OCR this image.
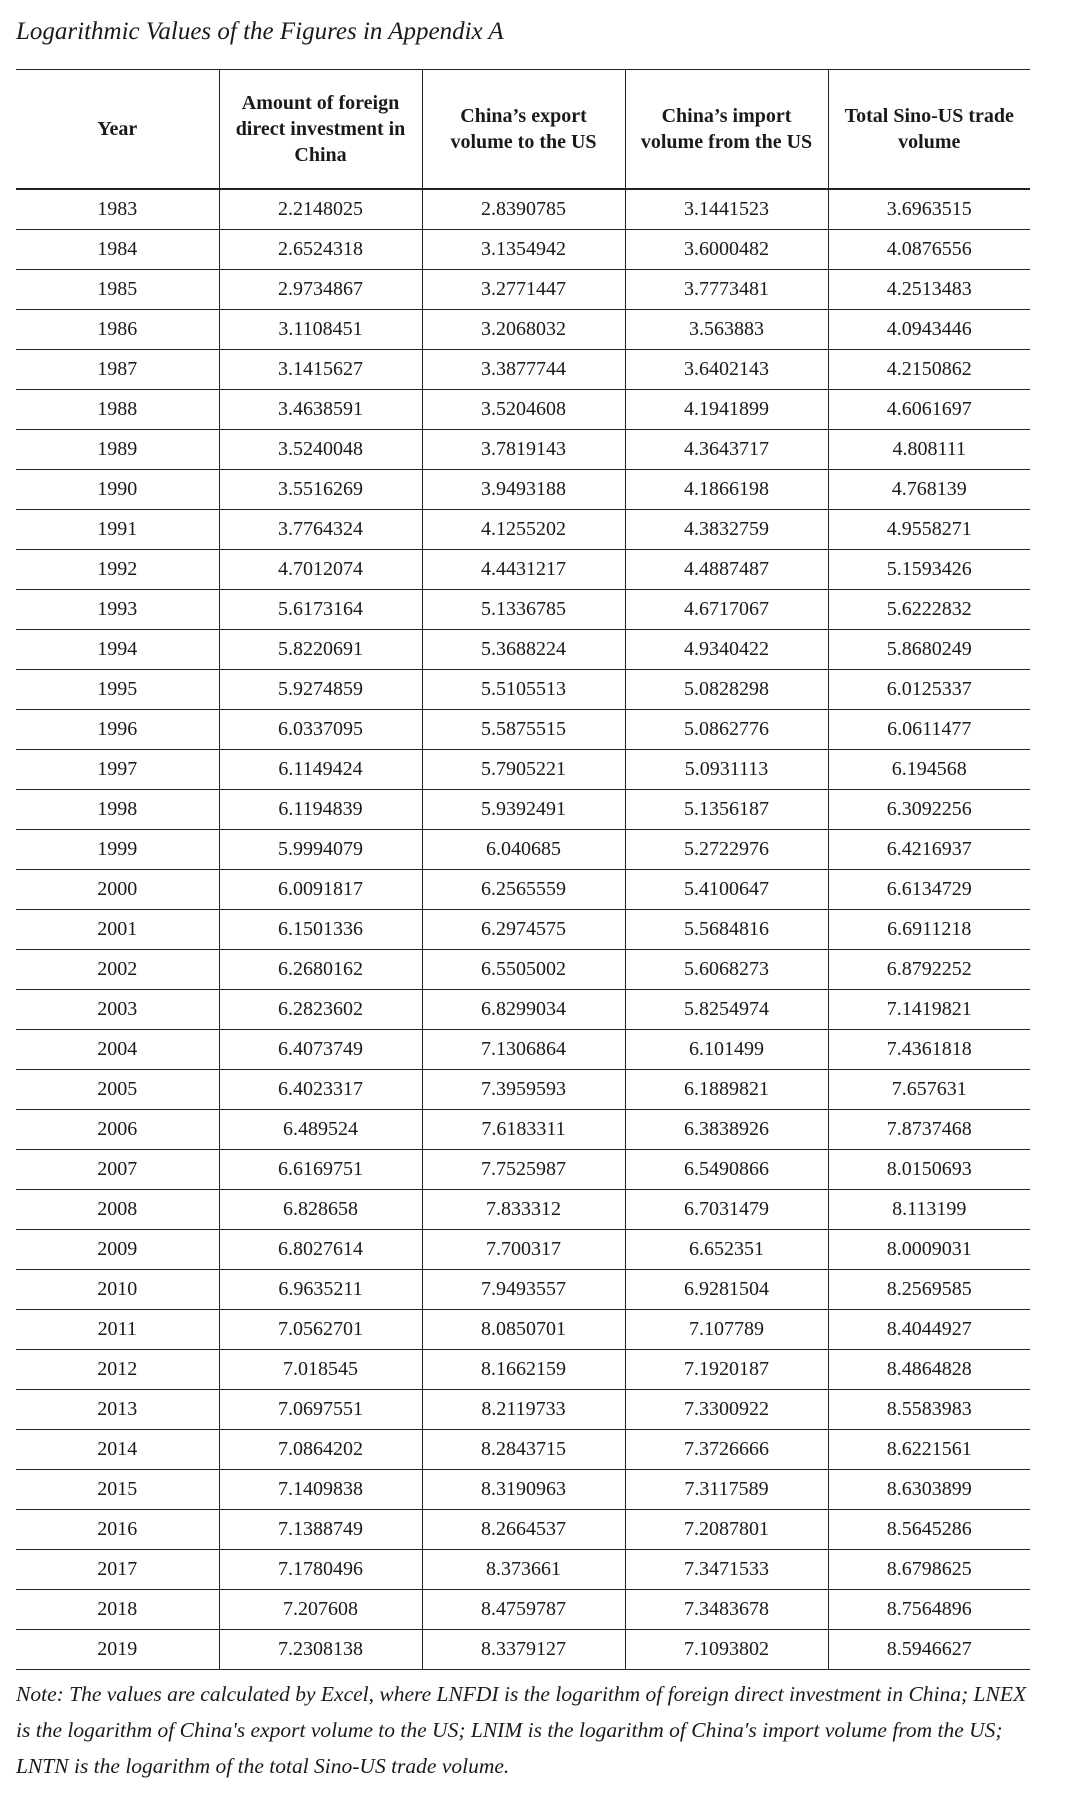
Logarithmic Values of the Figures in Appendix A

Year	Amount of foreign direct investment in China	China’s export volume to the US	China’s import volume from the US	Total Sino-US trade volume
1983	2.2148025	2.8390785	3.1441523	3.6963515
1984	2.6524318	3.1354942	3.6000482	4.0876556
1985	2.9734867	3.2771447	3.7773481	4.2513483
1986	3.1108451	3.2068032	3.563883	4.0943446
1987	3.1415627	3.3877744	3.6402143	4.2150862
1988	3.4638591	3.5204608	4.1941899	4.6061697
1989	3.5240048	3.7819143	4.3643717	4.808111
1990	3.5516269	3.9493188	4.1866198	4.768139
1991	3.7764324	4.1255202	4.3832759	4.9558271
1992	4.7012074	4.4431217	4.4887487	5.1593426
1993	5.6173164	5.1336785	4.6717067	5.6222832
1994	5.8220691	5.3688224	4.9340422	5.8680249
1995	5.9274859	5.5105513	5.0828298	6.0125337
1996	6.0337095	5.5875515	5.0862776	6.0611477
1997	6.1149424	5.7905221	5.0931113	6.194568
1998	6.1194839	5.9392491	5.1356187	6.3092256
1999	5.9994079	6.040685	5.2722976	6.4216937
2000	6.0091817	6.2565559	5.4100647	6.6134729
2001	6.1501336	6.2974575	5.5684816	6.6911218
2002	6.2680162	6.5505002	5.6068273	6.8792252
2003	6.2823602	6.8299034	5.8254974	7.1419821
2004	6.4073749	7.1306864	6.101499	7.4361818
2005	6.4023317	7.3959593	6.1889821	7.657631
2006	6.489524	7.6183311	6.3838926	7.8737468
2007	6.6169751	7.7525987	6.5490866	8.0150693
2008	6.828658	7.833312	6.7031479	8.113199
2009	6.8027614	7.700317	6.652351	8.0009031
2010	6.9635211	7.9493557	6.9281504	8.2569585
2011	7.0562701	8.0850701	7.107789	8.4044927
2012	7.018545	8.1662159	7.1920187	8.4864828
2013	7.0697551	8.2119733	7.3300922	8.5583983
2014	7.0864202	8.2843715	7.3726666	8.6221561
2015	7.1409838	8.3190963	7.3117589	8.6303899
2016	7.1388749	8.2664537	7.2087801	8.5645286
2017	7.1780496	8.373661	7.3471533	8.6798625
2018	7.207608	8.4759787	7.3483678	8.7564896
2019	7.2308138	8.3379127	7.1093802	8.5946627

Note: The values are calculated by Excel, where LNFDI is the logarithm of foreign direct investment in China; LNEX is the logarithm of China's export volume to the US; LNIM is the logarithm of China's import volume from the US; LNTN is the logarithm of the total Sino-US trade volume.
